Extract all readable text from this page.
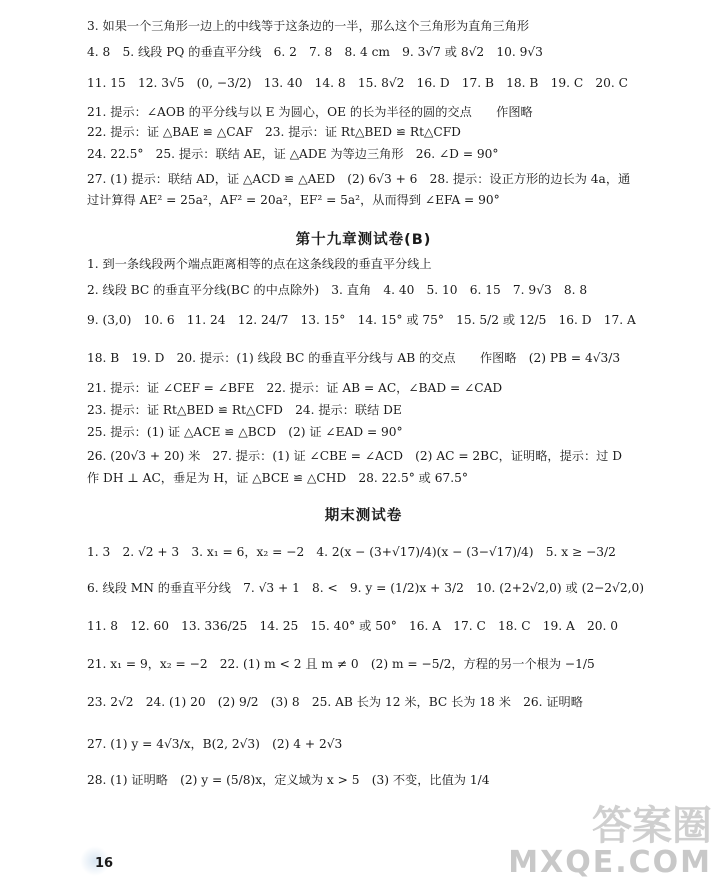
3. 如果一个三角形一边上的中线等于这条边的一半，那么这个三角形为直角三角形
4. 8　5. 线段 PQ 的垂直平分线　6. 2　7. 8　8. 4 cm　9. 3√7 或 8√2　10. 9√3
11. 15　12. 3√5　(0, −3/2)　13. 40　14. 8　15. 8√2　16. D　17. B　18. B　19. C　20. C
21. 提示：∠AOB 的平分线与以 E 为圆心，OE 的长为半径的圆的交点　　作图略
22. 提示：证 △BAE ≌ △CAF　23. 提示：证 Rt△BED ≌ Rt△CFD
24. 22.5°　25. 提示：联结 AE，证 △ADE 为等边三角形　26. ∠D = 90°
27. (1) 提示：联结 AD，证 △ACD ≌ △AED　(2) 6√3 + 6　28. 提示：设正方形的边长为 4a，通
过计算得 AE² = 25a²，AF² = 20a²，EF² = 5a²，从而得到 ∠EFA = 90°
第十九章测试卷(B)
1. 到一条线段两个端点距离相等的点在这条线段的垂直平分线上
2. 线段 BC 的垂直平分线(BC 的中点除外)　3. 直角　4. 40　5. 10　6. 15　7. 9√3　8. 8
9. (3,0)　10. 6　11. 24　12. 24/7　13. 15°　14. 15° 或 75°　15. 5/2 或 12/5　16. D　17. A
18. B　19. D　20. 提示：(1) 线段 BC 的垂直平分线与 AB 的交点　　作图略　(2) PB = 4√3/3
21. 提示：证 ∠CEF = ∠BFE　22. 提示：证 AB = AC，∠BAD = ∠CAD
23. 提示：证 Rt△BED ≌ Rt△CFD　24. 提示：联结 DE
25. 提示：(1) 证 △ACE ≌ △BCD　(2) 证 ∠EAD = 90°
26. (20√3 + 20) 米　27. 提示：(1) 证 ∠CBE = ∠ACD　(2) AC = 2BC，证明略，提示：过 D
作 DH ⊥ AC，垂足为 H，证 △BCE ≌ △CHD　28. 22.5° 或 67.5°
期末测试卷
1. 3　2. √2 + 3　3. x₁ = 6，x₂ = −2　4. 2(x − (3+√17)/4)(x − (3−√17)/4)　5. x ≥ −3/2
6. 线段 MN 的垂直平分线　7. √3 + 1　8. <　9. y = (1/2)x + 3/2　10. (2+2√2,0) 或 (2−2√2,0)
11. 8　12. 60　13. 336/25　14. 25　15. 40° 或 50°　16. A　17. C　18. C　19. A　20. 0
21. x₁ = 9，x₂ = −2　22. (1) m < 2 且 m ≠ 0　(2) m = −5/2，方程的另一个根为 −1/5
23. 2√2　24. (1) 20　(2) 9/2　(3) 8　25. AB 长为 12 米，BC 长为 18 米　26. 证明略
27. (1) y = 4√3/x，B(2, 2√3)　(2) 4 + 2√3
28. (1) 证明略　(2) y = (5/8)x，定义域为 x > 5　(3) 不变，比值为 1/4
16
答案圈
MXQE.COM
